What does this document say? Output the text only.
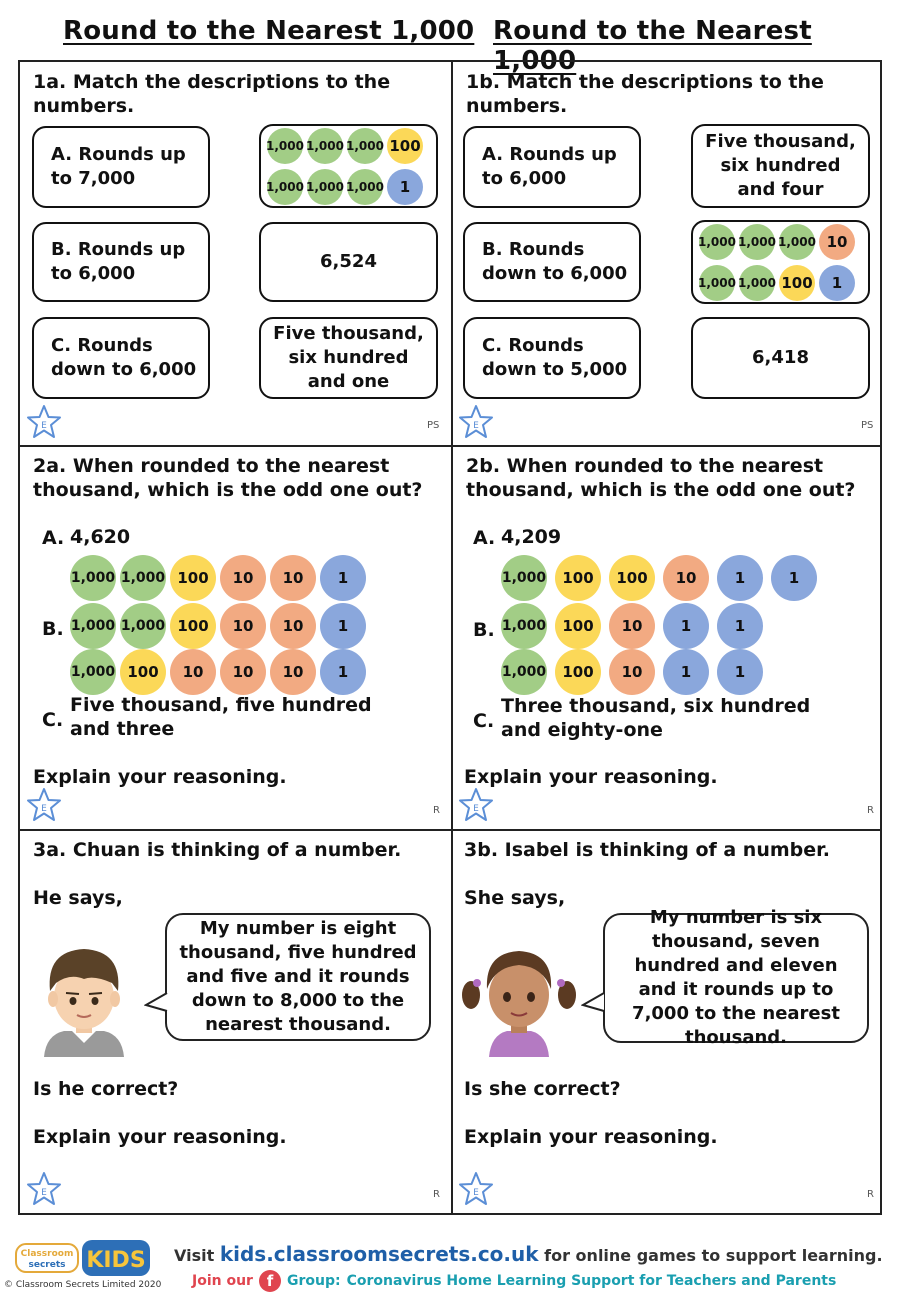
Round to the Nearest 1,000 Round to the Nearest 1,000
1a. Match the descriptions to the numbers.
A. Rounds up to 7,000
B. Rounds up to 6,000
C. Rounds down to 6,000
1,000 1,000 1,000 100
1,000 1,000 1,000	1
6,524
Five thousand, six hundred and one
E	PS
1b. Match the descriptions to the numbers.
A. Rounds up to 6,000
B. Rounds down to 6,000
C. Rounds down to 5,000
Five thousand, six hundred and four
1,000 1,000 1,000 10
1,000 1,000 100	1
6,418
E	PS
2a. When rounded to the nearest thousand, which is the odd one out?
A. 4,620
1,000 1,000 100	10	10	1
B. 1,000 1,000 100	10	10	1
1,000 100	10	10	10	1
C.
Five thousand, five hundred and three
Explain your reasoning.
E	R
2b. When rounded to the nearest thousand, which is the odd one out?
A. 4,209
1,000	100	100	10	1	1
B. 1,000	100	10	1	1
1,000	100	10	1	1
C.
Three thousand, six hundred and eighty-one
Explain your reasoning.
E	R
3a. Chuan is thinking of a number.
He says,
My number is eight thousand, five hundred and five and it rounds down to 8,000 to the nearest thousand.
Is he correct?
Explain your reasoning.
E	R
3b. Isabel is thinking of a number.
She says,
My number is six thousand, seven hundred and eleven and it rounds up to 7,000 to the nearest thousand.
Is she correct?
Explain your reasoning.
E	R
Classroom
secrets KIDS
© Classroom Secrets Limited 2020
Visit kids.classroomsecrets.co.uk for online games to support learning.
Join our f Group: Coronavirus Home Learning Support for Teachers and Parents
